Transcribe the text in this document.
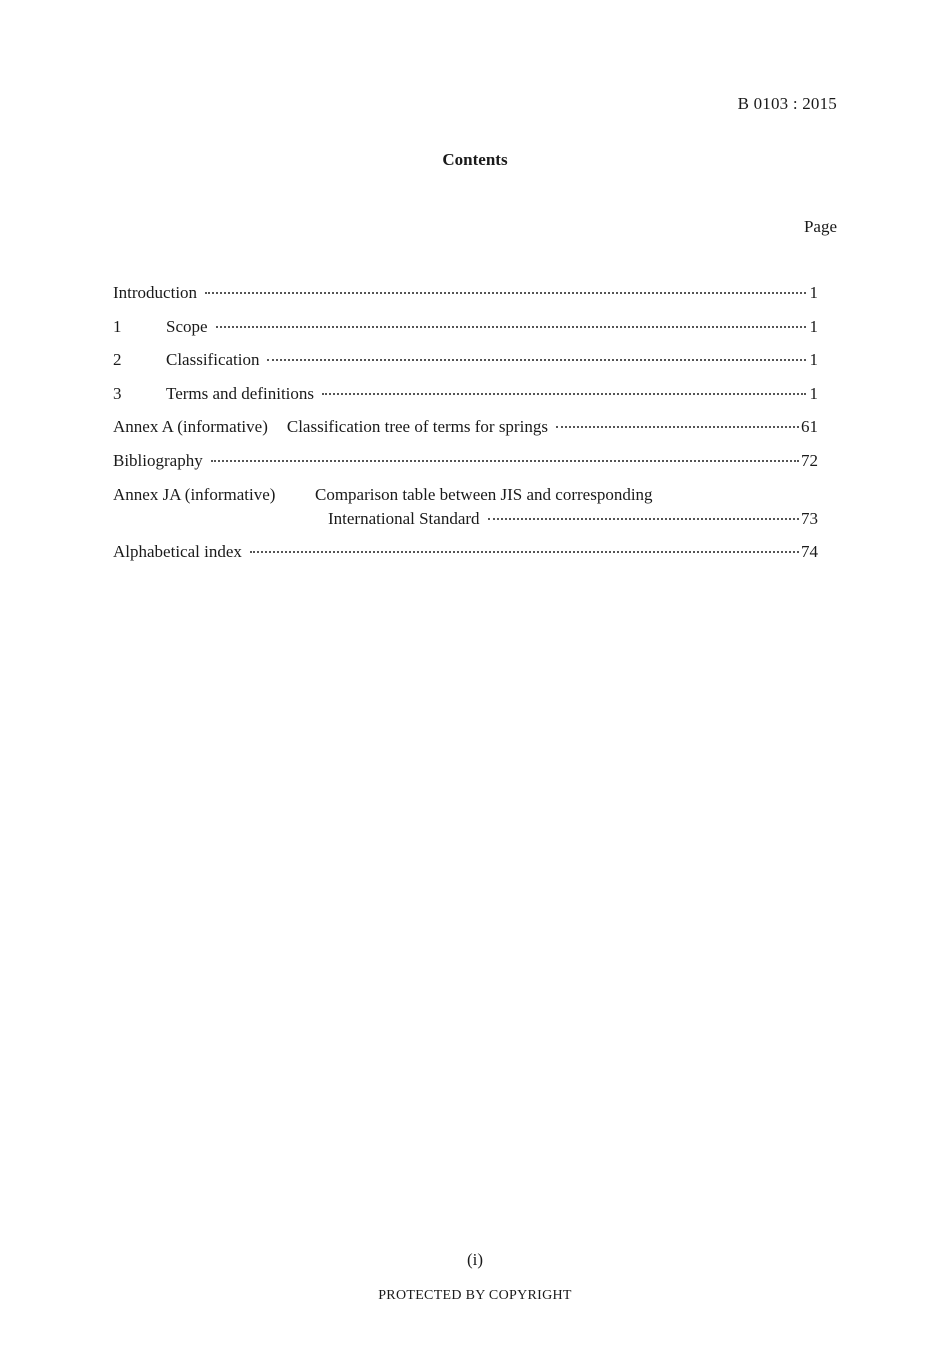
B 0103 : 2015
Contents
Page
Introduction	1
1	Scope	1
2	Classification	1
3	Terms and definitions	1
Annex A (informative) Classification tree of terms for springs	61
Bibliography	72
Annex JA (informative)	Comparison table between JIS and corresponding
International Standard	73
Alphabetical index	74
(i)
PROTECTED BY COPYRIGHT
